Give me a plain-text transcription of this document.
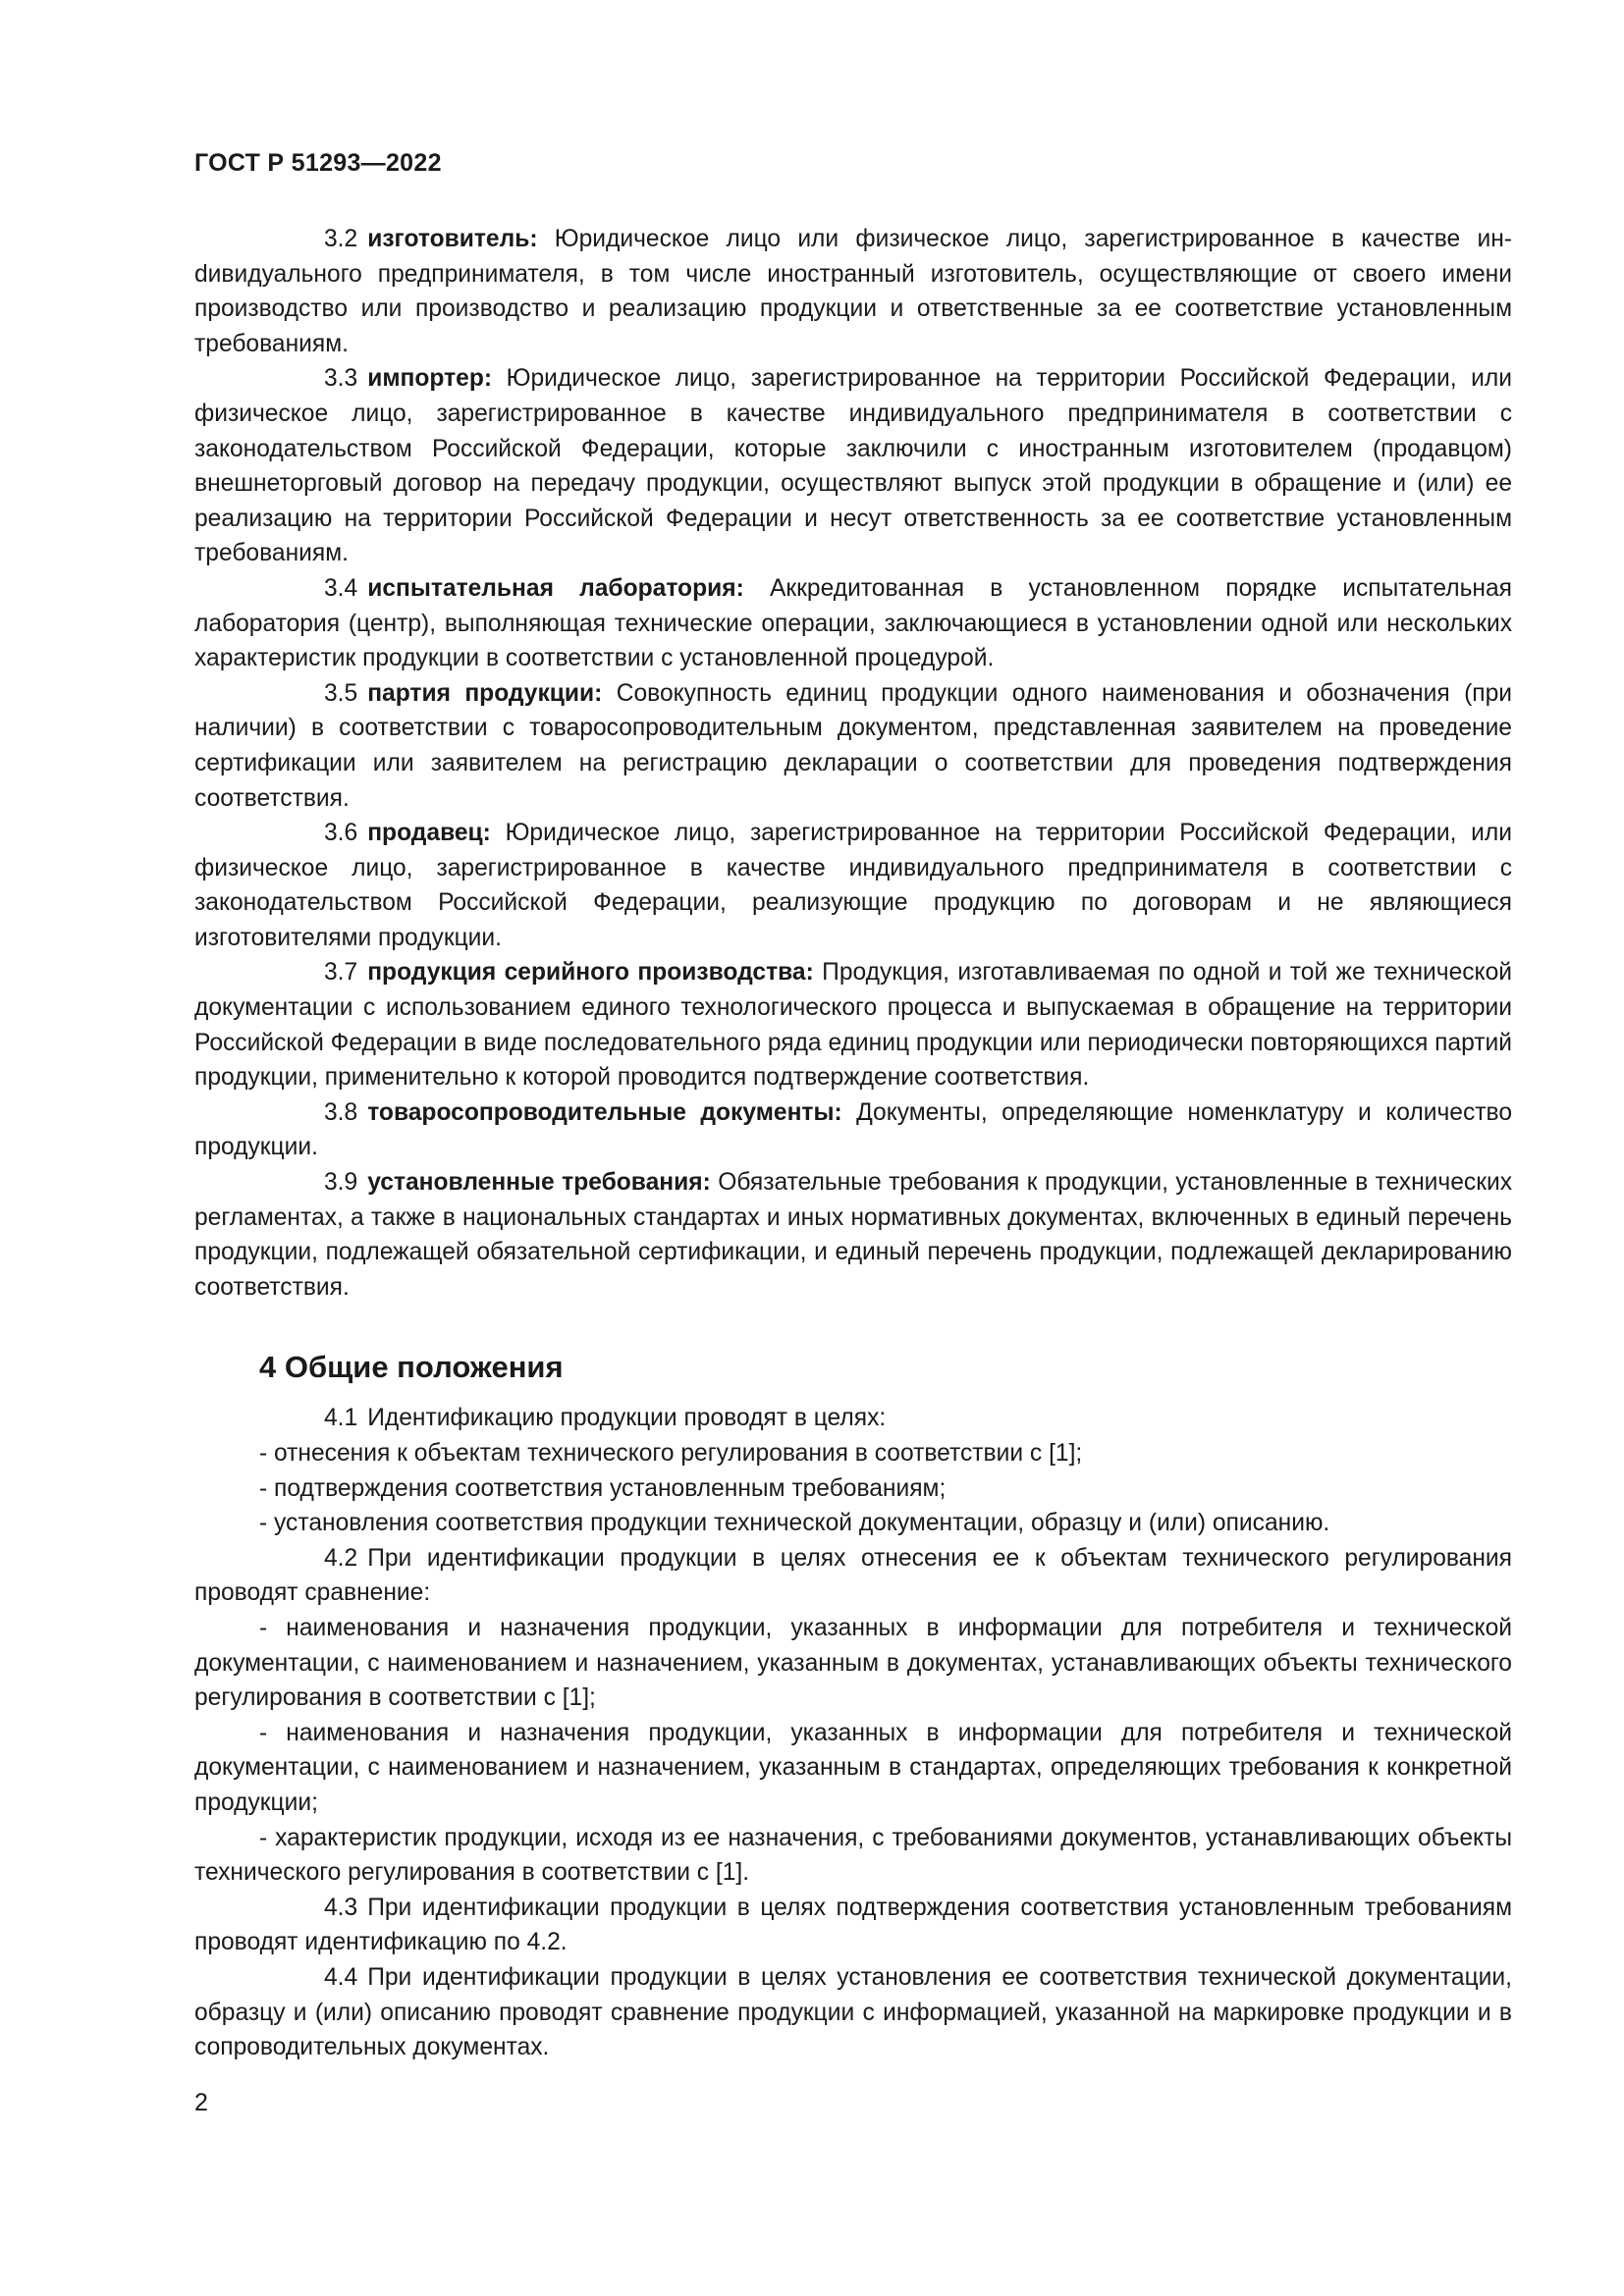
ГОСТ Р 51293—2022

3.2 изготовитель: Юридическое лицо или физическое лицо, зарегистрированное в качестве инdивидуального предпринимателя, в том числе иностранный изготовитель, осуществляющие от своего имени производство или производство и реализацию продукции и ответственные за ее соответствие установленным требованиям.

3.3 импортер: Юридическое лицо, зарегистрированное на территории Российской Федерации, или физическое лицо, зарегистрированное в качестве индивидуального предпринимателя в соответствии с законодательством Российской Федерации, которые заключили с иностранным изготовителем (продавцом) внешнеторговый договор на передачу продукции, осуществляют выпуск этой продукции в обращение и (или) ее реализацию на территории Российской Федерации и несут ответственность за ее соответствие установленным требованиям.

3.4 испытательная лаборатория: Аккредитованная в установленном порядке испытательная лаборатория (центр), выполняющая технические операции, заключающиеся в установлении одной или нескольких характеристик продукции в соответствии с установленной процедурой.

3.5 партия продукции: Совокупность единиц продукции одного наименования и обозначения (при наличии) в соответствии с товаросопроводительным документом, представленная заявителем на проведение сертификации или заявителем на регистрацию декларации о соответствии для проведения подтверждения соответствия.

3.6 продавец: Юридическое лицо, зарегистрированное на территории Российской Федерации, или физическое лицо, зарегистрированное в качестве индивидуального предпринимателя в соответствии с законодательством Российской Федерации, реализующие продукцию по договорам и не являющиеся изготовителями продукции.

3.7 продукция серийного производства: Продукция, изготавливаемая по одной и той же технической документации с использованием единого технологического процесса и выпускаемая в обращение на территории Российской Федерации в виде последовательного ряда единиц продукции или периодически повторяющихся партий продукции, применительно к которой проводится подтверждение соответствия.

3.8 товаросопроводительные документы: Документы, определяющие номенклатуру и количество продукции.

3.9 установленные требования: Обязательные требования к продукции, установленные в технических регламентах, а также в национальных стандартах и иных нормативных документах, включенных в единый перечень продукции, подлежащей обязательной сертификации, и единый перечень продукции, подлежащей декларированию соответствия.

4 Общие положения

4.1 Идентификацию продукции проводят в целях:

- отнесения к объектам технического регулирования в соответствии с [1];

- подтверждения соответствия установленным требованиям;

- установления соответствия продукции технической документации, образцу и (или) описанию.

4.2 При идентификации продукции в целях отнесения ее к объектам технического регулирования проводят сравнение:

- наименования и назначения продукции, указанных в информации для потребителя и технической документации, с наименованием и назначением, указанным в документах, устанавливающих объекты технического регулирования в соответствии с [1];

- наименования и назначения продукции, указанных в информации для потребителя и технической документации, с наименованием и назначением, указанным в стандартах, определяющих требования к конкретной продукции;

- характеристик продукции, исходя из ее назначения, с требованиями документов, устанавливающих объекты технического регулирования в соответствии с [1].

4.3 При идентификации продукции в целях подтверждения соответствия установленным требованиям проводят идентификацию по 4.2.

4.4 При идентификации продукции в целях установления ее соответствия технической документации, образцу и (или) описанию проводят сравнение продукции с информацией, указанной на маркировке продукции и в сопроводительных документах.

2
